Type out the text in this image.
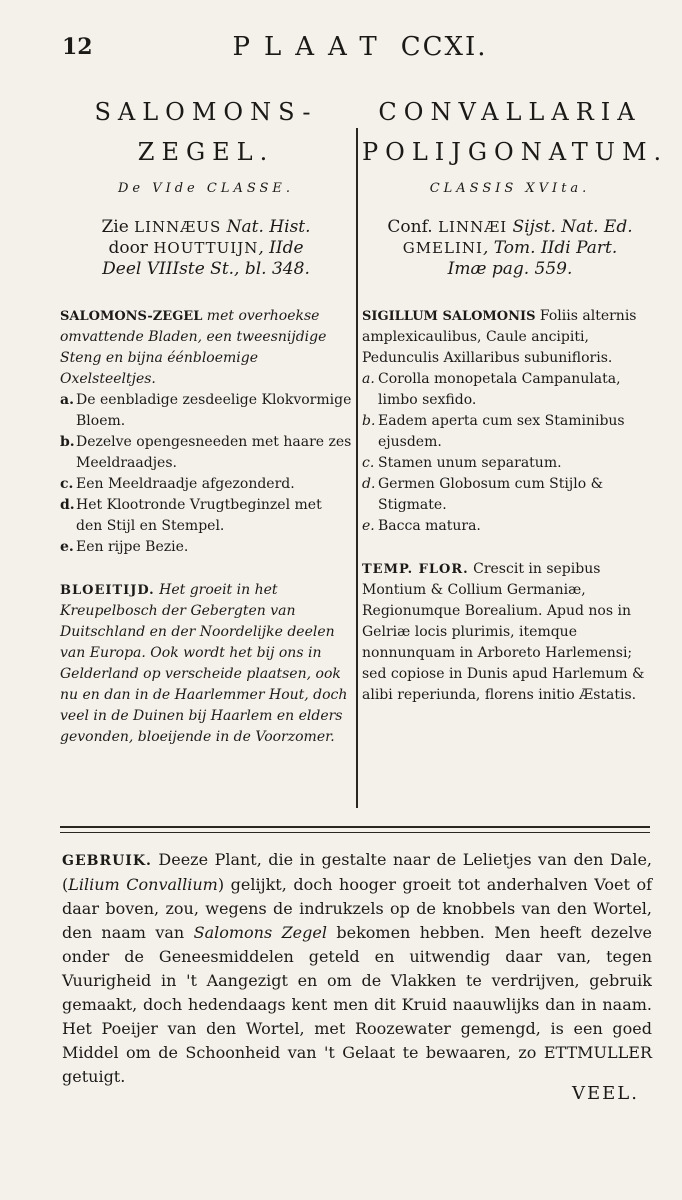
12	PLAAT CCXI.
SALOMONS-
ZEGEL.
De VIde CLASSE.
Zie LINNÆUS Nat. Hist.
door HOUTTUIJN, IIde
Deel VIIIste St., bl. 348.

SALOMONS-ZEGEL met overhoekse omvattende Bladen, een tweesnijdige Steng en bijna éénbloemige Oxelsteeltjes.

a. De eenbladige zesdeelige Klokvormige Bloem.
b. Dezelve opengesneeden met haare zes Meeldraadjes.
c. Een Meeldraadje afgezonderd.
d. Het Klootronde Vrugtbeginzel met den Stijl en Stempel.
e. Een rijpe Bezie.

BLOEITIJD. Het groeit in het Kreupelbosch der Gebergten van Duitschland en der Noordelijke deelen van Europa. Ook wordt het bij ons in Gelderland op verscheide plaatsen, ook nu en dan in de Haarlemmer Hout, doch veel in de Duinen bij Haarlem en elders gevonden, bloeijende in de Voorzomer.

CONVALLARIA
POLIJGONATUM.
CLASSIS XVIta.
Conf. LINNÆI Sijst. Nat. Ed.
GMELINI, Tom. IIdi Part.
Imæ pag. 559.

SIGILLUM SALOMONIS Foliis alternis amplexicaulibus, Caule ancipiti, Pedunculis Axillaribus subunifloris.

a. Corolla monopetala Campanulata, limbo sexfido.
b. Eadem aperta cum sex Staminibus ejusdem.
c. Stamen unum separatum.
d. Germen Globosum cum Stijlo & Stigmate.
e. Bacca matura.

TEMP. FLOR. Crescit in sepibus Montium & Collium Germaniæ, Regionumque Borealium. Apud nos in Gelriæ locis plurimis, itemque nonnunquam in Arboreto Harlemensi; sed copiose in Dunis apud Harlemum & alibi reperiunda, florens initio Æstatis.

GEBRUIK. Deeze Plant, die in gestalte naar de Lelietjes van den Dale, (Lilium Convallium) gelijkt, doch hooger groeit tot anderhalven Voet of daar boven, zou, wegens de indrukzels op de knobbels van den Wortel, den naam van Salomons Zegel bekomen hebben. Men heeft dezelve onder de Geneesmiddelen geteld en uitwendig daar van, tegen Vuurigheid in 't Aangezigt en om de Vlakken te verdrijven, gebruik gemaakt, doch hedendaags kent men dit Kruid naauwlijks dan in naam. Het Poeijer van den Wortel, met Roozewater gemengd, is een goed Middel om de Schoonheid van 't Gelaat te bewaaren, zo ETTMULLER getuigt.
VEEL.
